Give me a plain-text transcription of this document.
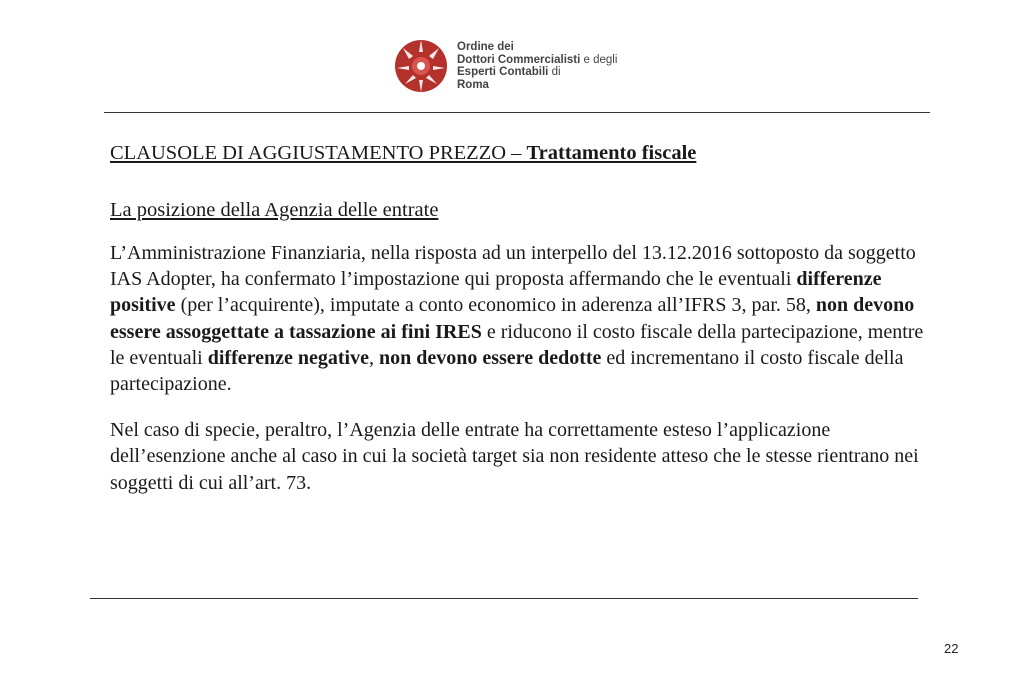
Ordine dei
Dottori Commercialisti e degli
Esperti Contabili di
Roma
CLAUSOLE DI AGGIUSTAMENTO PREZZO – Trattamento fiscale
La posizione della Agenzia delle entrate
L’Amministrazione Finanziaria, nella risposta ad un interpello del 13.12.2016 sottoposto da soggetto IAS Adopter, ha confermato l’impostazione qui proposta affermando che le eventuali differenze positive (per l’acquirente), imputate a conto economico in aderenza all’IFRS 3, par. 58, non devono essere assoggettate a tassazione ai fini IRES e riducono il costo fiscale della partecipazione, mentre le eventuali differenze negative, non devono essere dedotte ed incrementano il costo fiscale della partecipazione.
Nel caso di specie, peraltro, l’Agenzia delle entrate ha correttamente esteso l’applicazione dell’esenzione anche al caso in cui la società target sia non residente atteso che le stesse rientrano nei soggetti di cui all’art. 73.
22
